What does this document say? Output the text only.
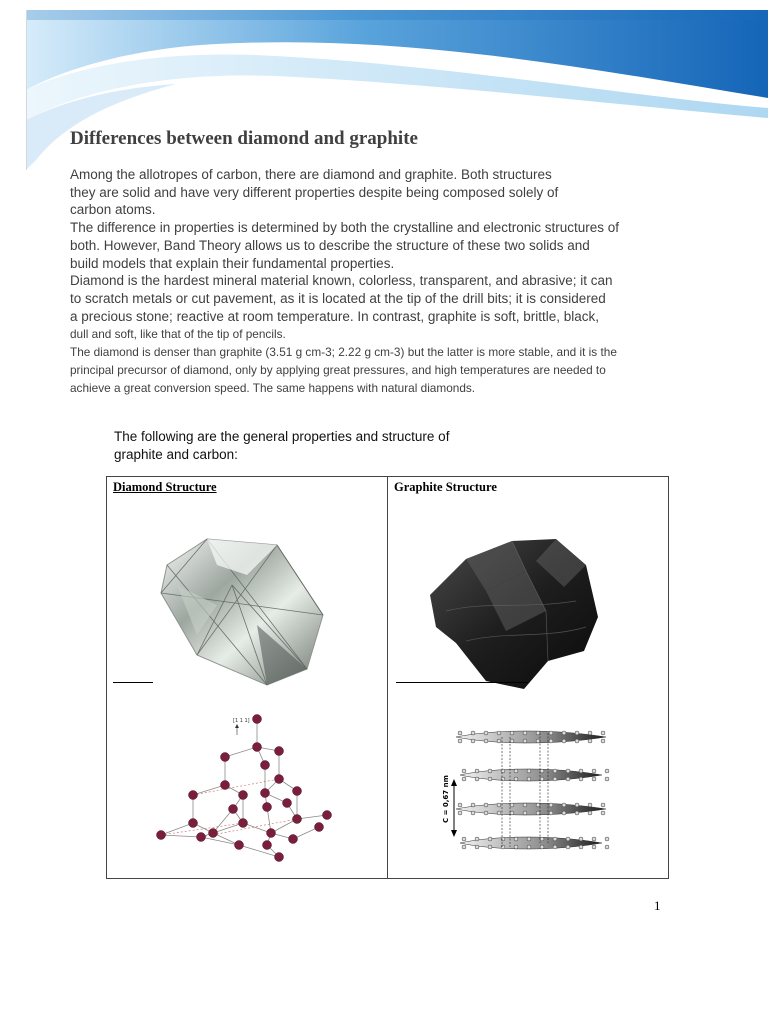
Differences between diamond and graphite
Among the allotropes of carbon, there are diamond and graphite. Both structures
they are solid and have very different properties despite being composed solely of
carbon atoms.
The difference in properties is determined by both the crystalline and electronic structures of
both. However, Band Theory allows us to describe the structure of these two solids and
build models that explain their fundamental properties.
Diamond is the hardest mineral material known, colorless, transparent, and abrasive; it can
to scratch metals or cut pavement, as it is located at the tip of the drill bits; it is considered
a precious stone; reactive at room temperature. In contrast, graphite is soft, brittle, black,
dull and soft, like that of the tip of pencils.
The diamond is denser than graphite (3.51 g cm-3; 2.22 g cm-3) but the latter is more stable, and it is the
principal precursor of diamond, only by applying great pressures, and high temperatures are needed to
achieve a great conversion speed. The same happens with natural diamonds.
The following are the general properties and structure of
graphite and carbon:
Diamond Structure
[1 1 1]
Graphite Structure
C = 0,67 nm
1
